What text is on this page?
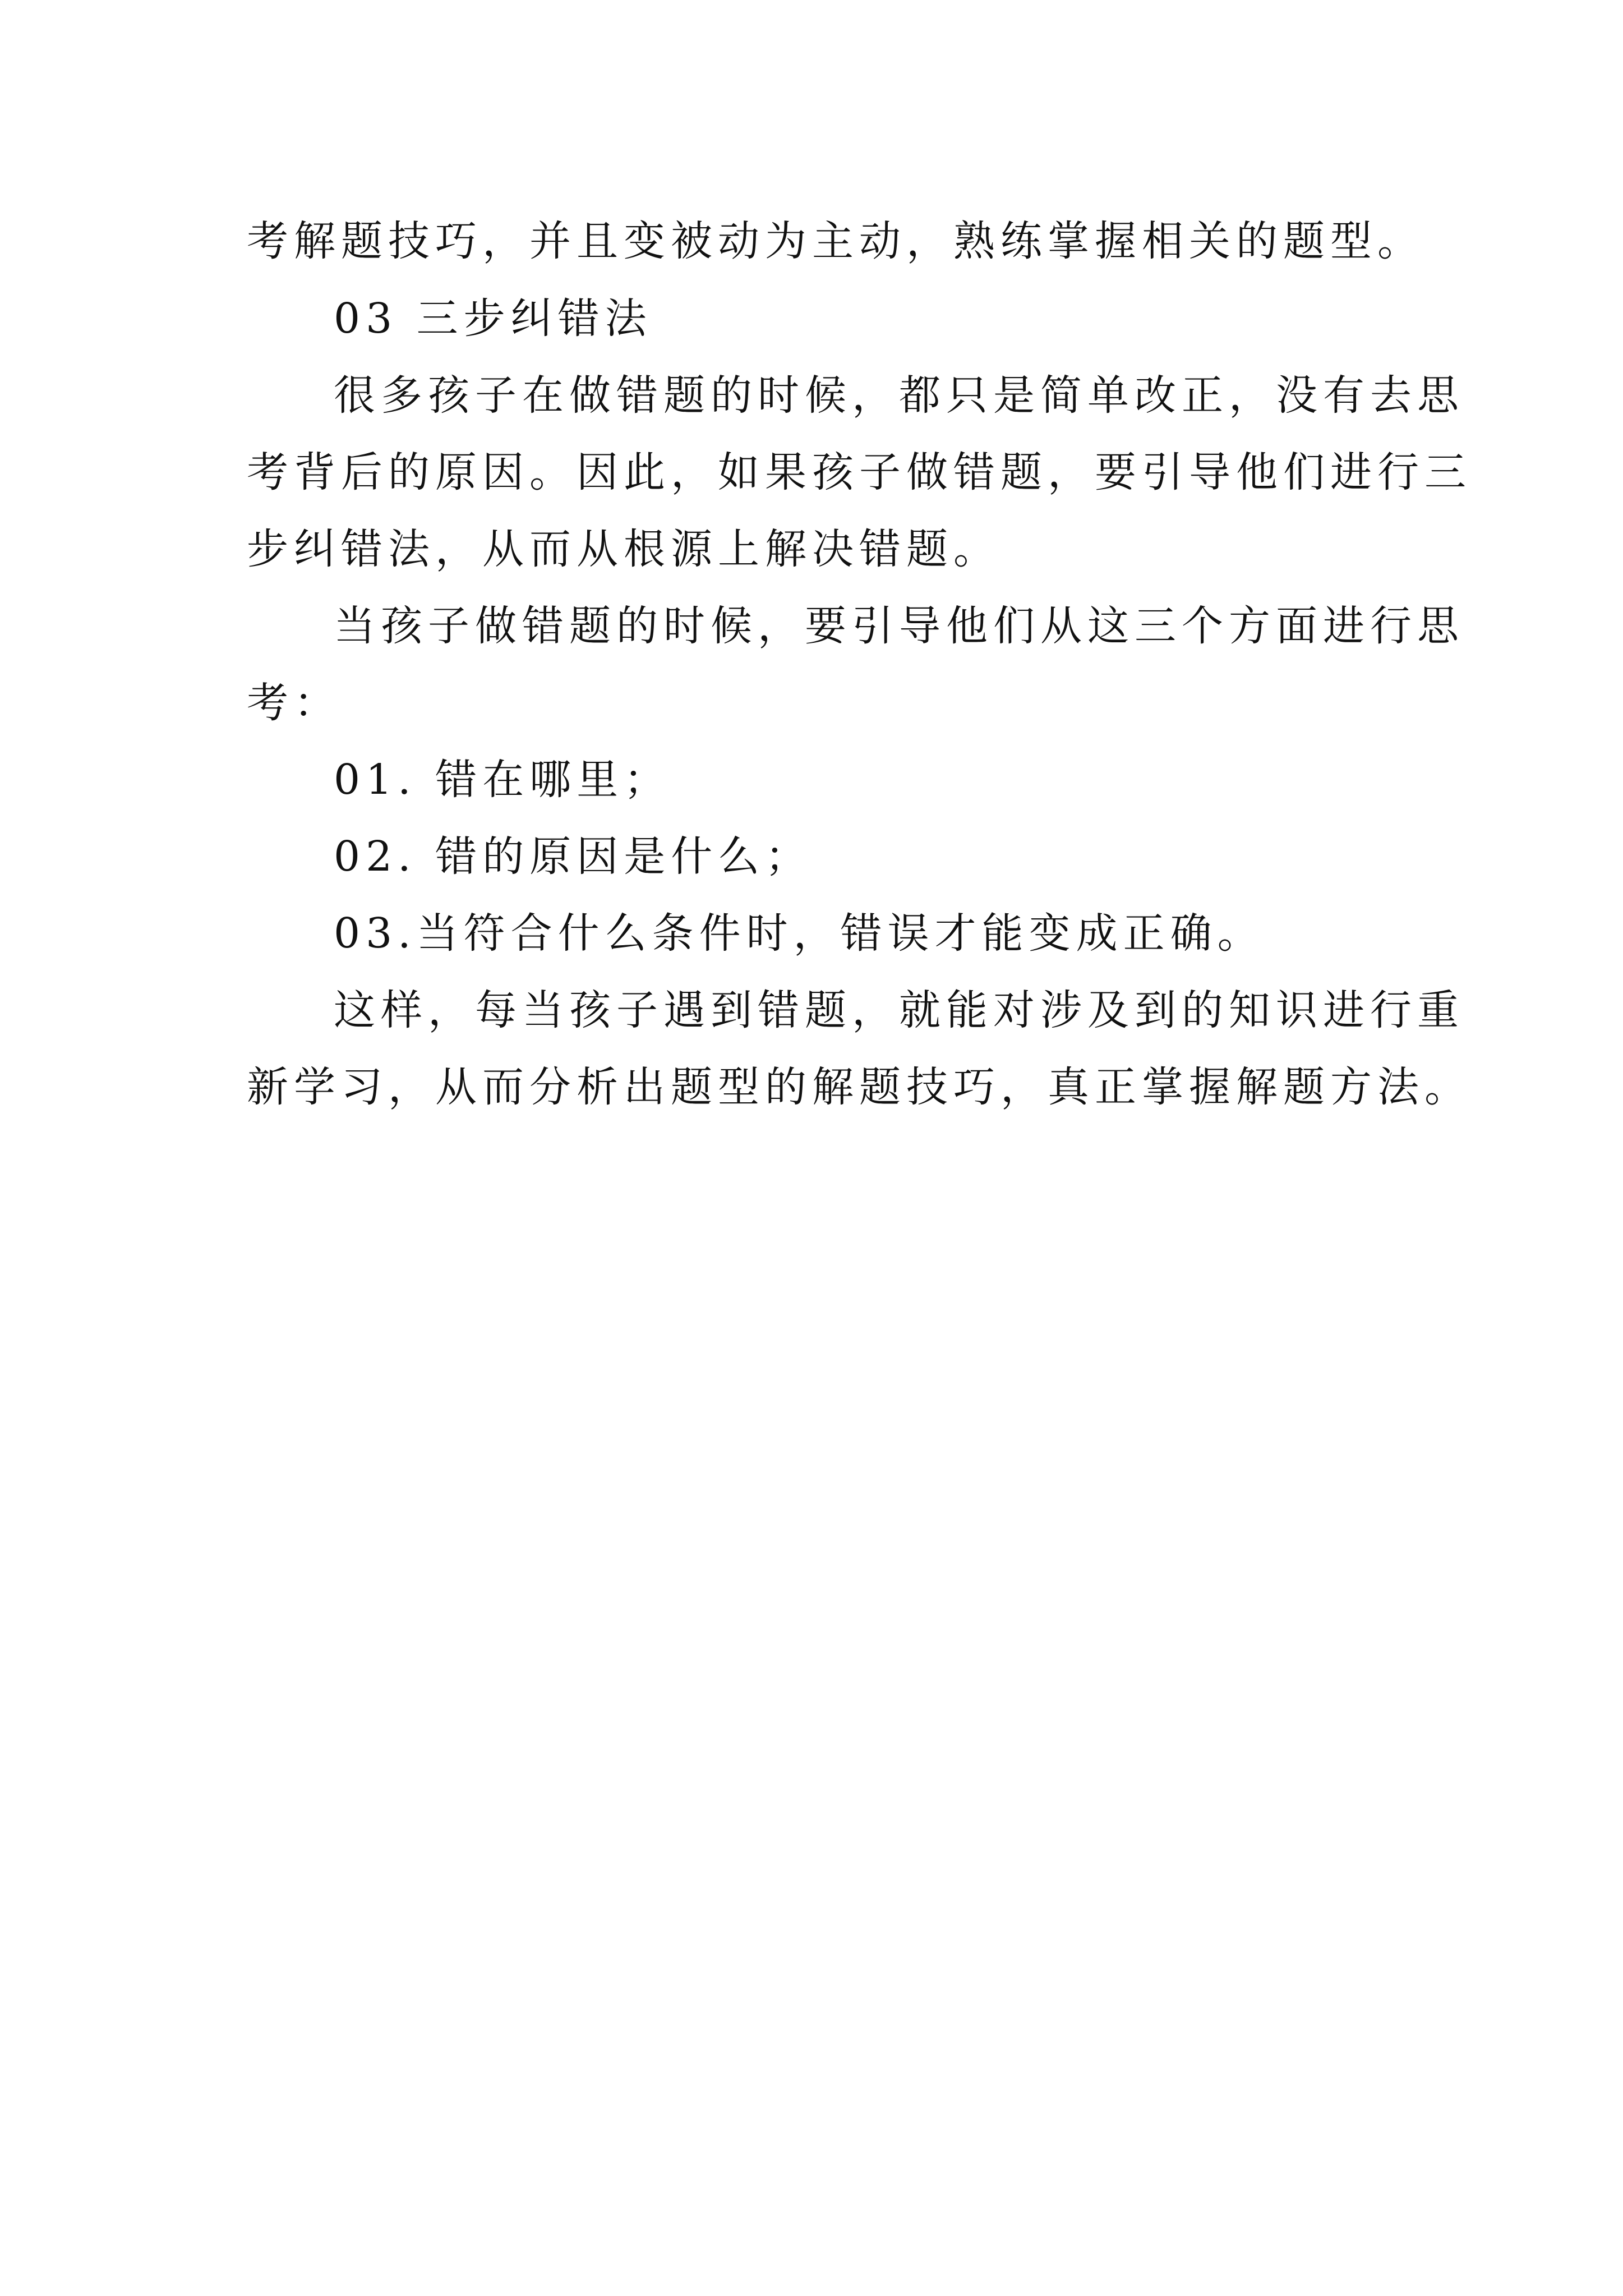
考解题技巧，并且变被动为主动，熟练掌握相关的题型。
03 三步纠错法
很多孩子在做错题的时候，都只是简单改正，没有去思
考背后的原因。因此，如果孩子做错题，要引导他们进行三
步纠错法，从而从根源上解决错题。
当孩子做错题的时候，要引导他们从这三个方面进行思
考：
01. 错在哪里；
02. 错的原因是什么；
03.当符合什么条件时，错误才能变成正确。
这样，每当孩子遇到错题，就能对涉及到的知识进行重
新学习，从而分析出题型的解题技巧，真正掌握解题方法。
